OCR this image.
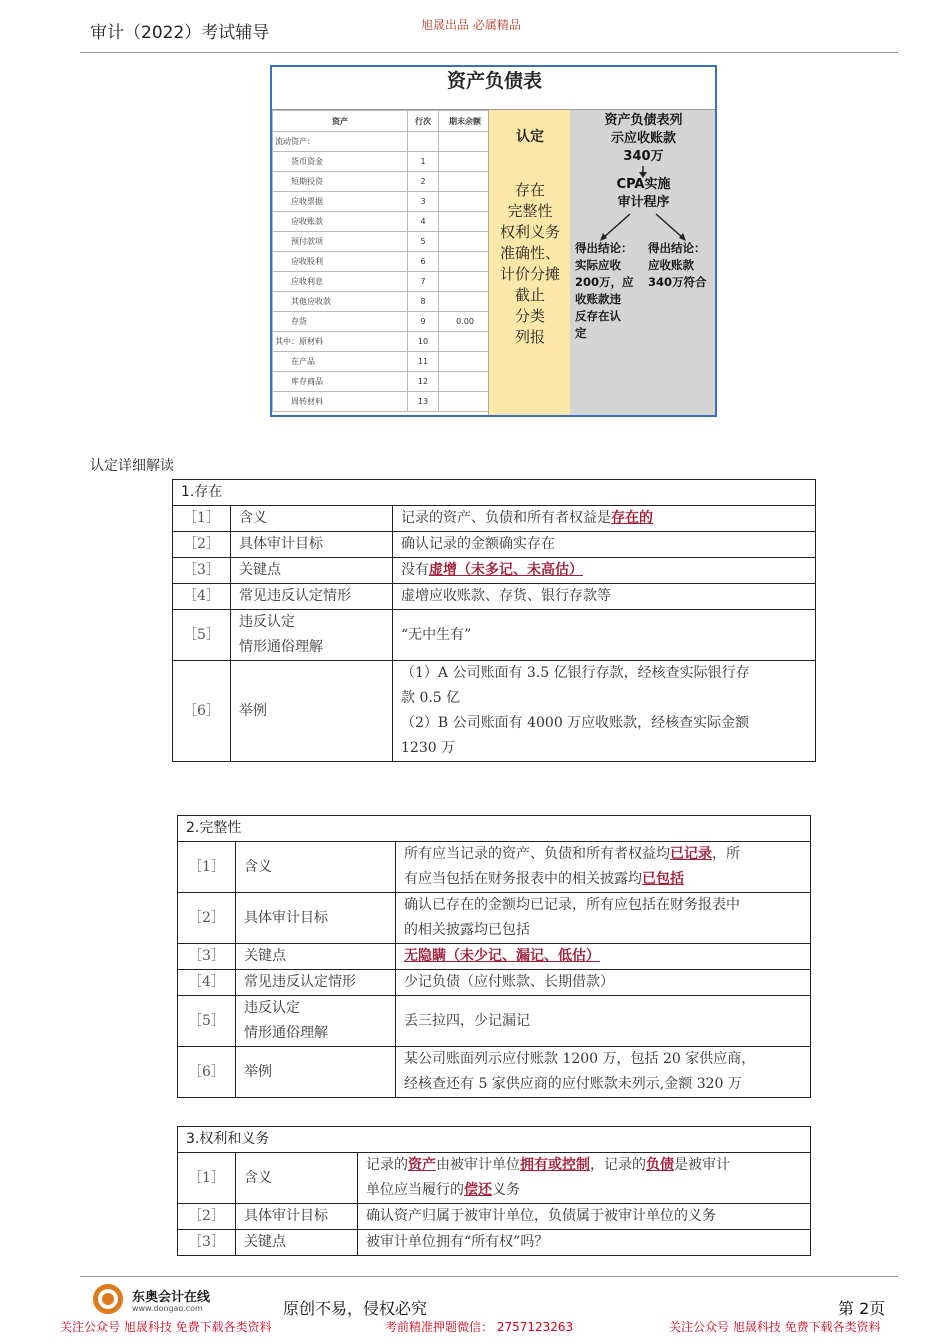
审计（2022）考试辅导	旭晟出品 必属精品
资产负债表
资产	行次	期末余额
流动资产：		
货币资金	1	
短期投资	2	
应收票据	3	
应收账款	4	
预付款项	5	
应收股利	6	
应收利息	7	
其他应收款	8	
存货	9	0.00
其中：原材料	10	
在产品	11	
库存商品	12	
周转材料	13	
认定
存在
完整性
权利义务
准确性、
计价分摊
截止
分类
列报
资产负债表列
示应收账款
340万
CPA实施
审计程序
得出结论：
实际应收
200万，应
收账款违
反存在认
定
得出结论：
应收账款
340万符合
认定详细解读
1.存在		
［1］	含义	记录的资产、负债和所有者权益是存在的
［2］	具体审计目标	确认记录的金额确实存在
［3］	关键点	没有虚增（未多记、未高估）
［4］	常见违反认定情形	虚增应收账款、存货、银行存款等
［5］	违反认定
情形通俗理解	“无中生有”
［6］	举例	（1）A 公司账面有 3.5 亿银行存款，经核查实际银行存
款 0.5 亿
（2）B 公司账面有 4000 万应收账款，经核查实际金额
1230 万
2.完整性		
［1］	含义	所有应当记录的资产、负债和所有者权益均已记录，所
有应当包括在财务报表中的相关披露均已包括

［2］	具体审计目标	确认已存在的金额均已记录，所有应包括在财务报表中
的相关披露均已包括

［3］	关键点	无隐瞒（未少记、漏记、低估）
［4］	常见违反认定情形	少记负债（应付账款、长期借款）
［5］	违反认定
情形通俗理解	丢三拉四，少记漏记
［6］	举例	某公司账面列示应付账款 1200 万，包括 20 家供应商，
经核查还有 5 家供应商的应付账款未列示,金额 320 万
3.权利和义务		
［1］	含义	记录的资产由被审计单位拥有或控制，记录的负债是被审计
单位应当履行的偿还义务

［2］	具体审计目标	确认资产归属于被审计单位，负债属于被审计单位的义务
［3］	关键点	被审计单位拥有“所有权”吗？
东奥会计在线
www.dongao.com	原创不易，侵权必究	第 2页
关注公众号 旭晟科技 免费下载各类资料	考前精准押题微信： 2757123263	关注公众号 旭晟科技 免费下载各类资料
